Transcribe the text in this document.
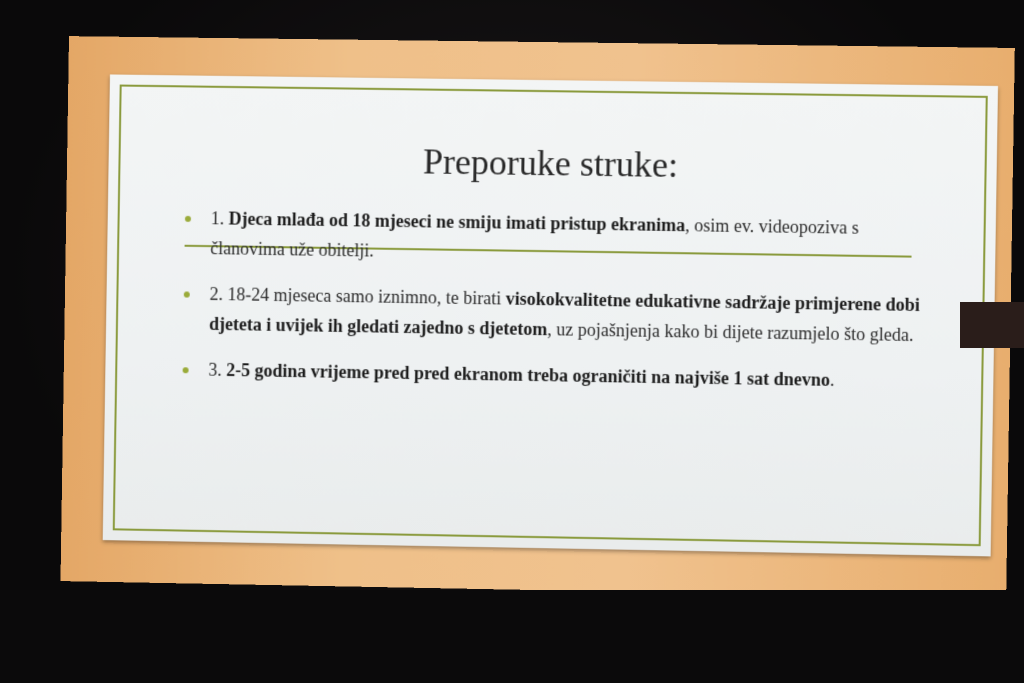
Preporuke struke:
1. Djeca mlađa od 18 mjeseci ne smiju imati pristup ekranima, osim ev. videopoziva s članovima uže obitelji.
2. 18-24 mjeseca samo iznimno, te birati visokokvalitetne edukativne sadržaje primjerene dobi djeteta i uvijek ih gledati zajedno s djetetom, uz pojašnjenja kako bi dijete razumjelo što gleda.
3. 2-5 godina vrijeme pred pred ekranom treba ograničiti na najviše 1 sat dnevno.
